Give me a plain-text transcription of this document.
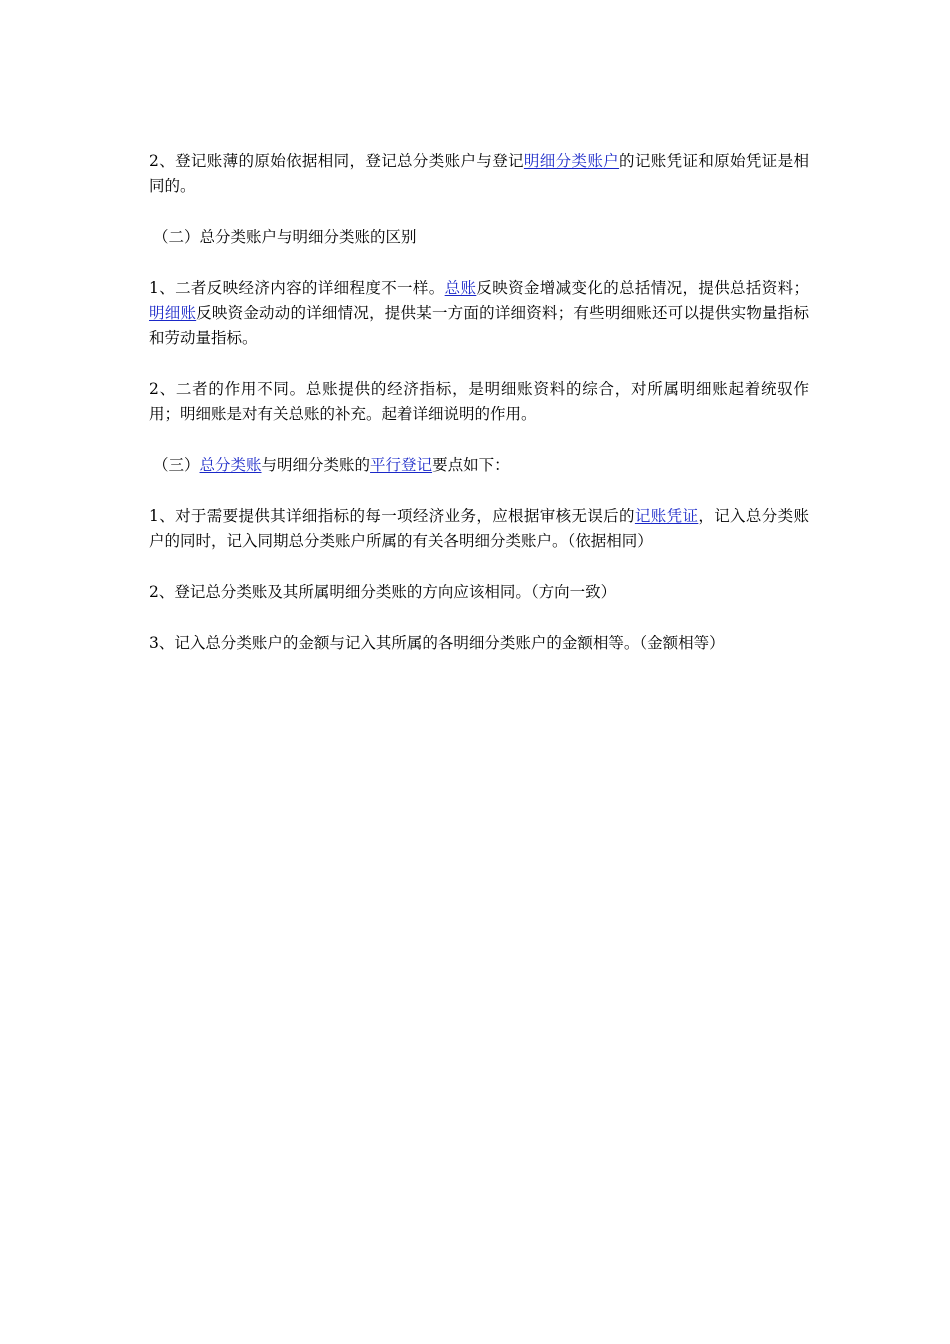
2、登记账薄的原始依据相同，登记总分类账户与登记明细分类账户的记账凭证和原始凭证是相同的。

（二）总分类账户与明细分类账的区别

1、二者反映经济内容的详细程度不一样。总账反映资金增减变化的总括情况，提供总括资料；明细账反映资金动动的详细情况，提供某一方面的详细资料；有些明细账还可以提供实物量指标和劳动量指标。

2、二者的作用不同。总账提供的经济指标，是明细账资料的综合，对所属明细账起着统驭作用；明细账是对有关总账的补充。起着详细说明的作用。

（三）总分类账与明细分类账的平行登记要点如下：

1、对于需要提供其详细指标的每一项经济业务，应根据审核无误后的记账凭证，记入总分类账户的同时，记入同期总分类账户所属的有关各明细分类账户。（依据相同）

2、登记总分类账及其所属明细分类账的方向应该相同。（方向一致）

3、记入总分类账户的金额与记入其所属的各明细分类账户的金额相等。（金额相等）
